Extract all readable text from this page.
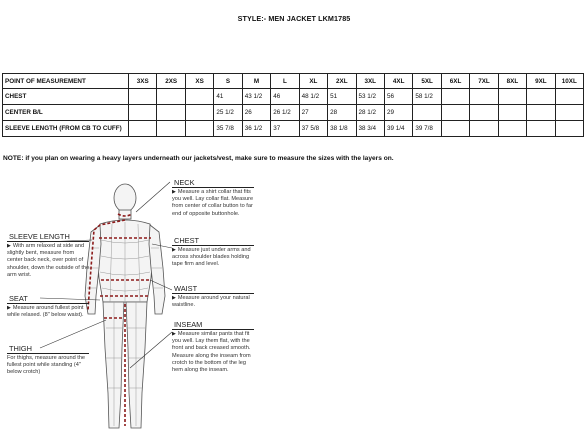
STYLE:- MEN JACKET LKM1785
POINT OF MEASUREMENT	3XS	2XS	XS	S	M	L	XL	2XL	3XL	4XL	5XL	6XL	7XL	8XL	9XL	10XL
CHEST				41	43 1/2	46	48 1/2	51	53 1/2	56	58 1/2					
CENTER B/L				25 1/2	26	26 1/2	27	28	28 1/2	29						
SLEEVE LENGTH (FROM CB TO CUFF)				35 7/8	36 1/2	37	37 5/8	38 1/8	38 3/4	39 1/4	39 7/8					
NOTE: if you plan on wearing a heavy layers underneath our jackets/vest, make sure to measure the sizes with the layers on.
NECK
▶ Measure a shirt collar that fits you well. Lay collar flat. Measure from center of collar button to far end of opposite buttonhole.
CHEST
▶ Measure just under arms and across shoulder blades holding tape firm and level.
WAIST
▶ Measure around your natural waistline.
INSEAM
▶ Measure similar pants that fit you well. Lay them flat, with the front and back creased smooth. Measure along the inseam from crotch to the bottom of the leg hem along the inseam.
SLEEVE LENGTH
▶ With arm relaxed at side and slightly bent, measure from center back neck, over point of shoulder, down the outside of the arm wrist.
SEAT
▶ Measure around fullest point while relaxed. (8" below waist).
THIGH
For thighs, measure around the fullest point while standing (4" below crotch)
